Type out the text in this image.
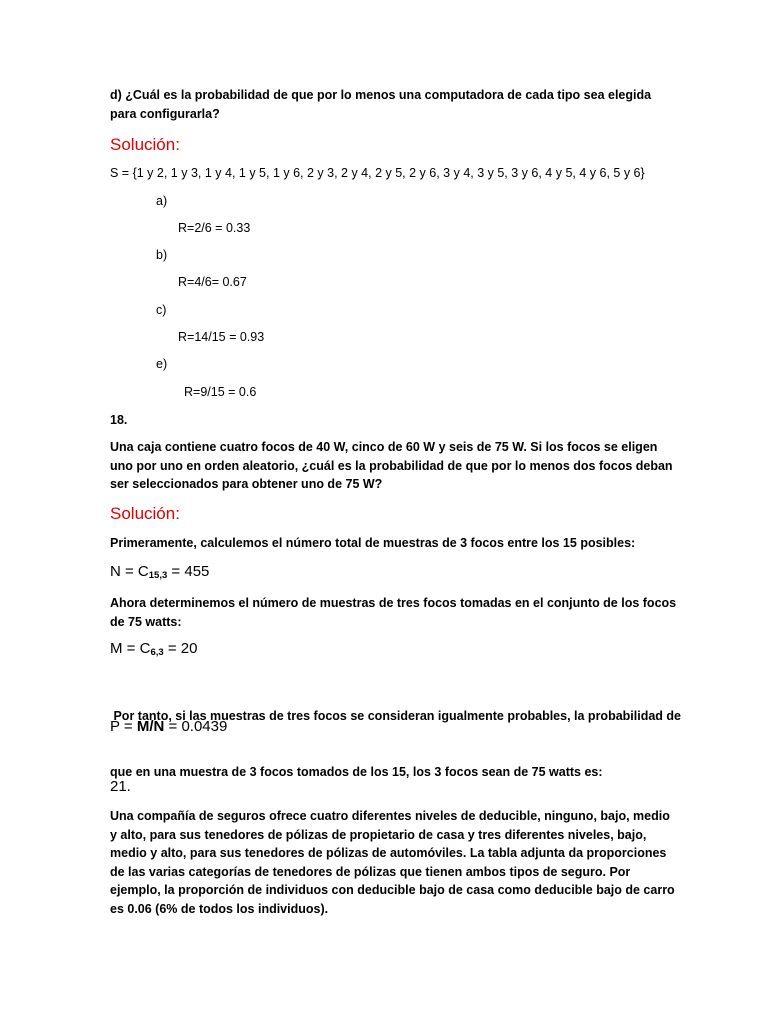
d) ¿Cuál es la probabilidad de que por lo menos una computadora de cada tipo sea elegida
para configurarla?
Solución:
S = {1 y 2, 1 y 3, 1 y 4, 1 y 5, 1 y 6, 2 y 3, 2 y 4, 2 y 5, 2 y 6, 3 y 4, 3 y 5, 3 y 6, 4 y 5, 4 y 6, 5 y 6}
a)
R=2/6 = 0.33
b)
R=4/6= 0.67
c)
R=14/15 = 0.93
e)
R=9/15 = 0.6
18.
Una caja contiene cuatro focos de 40 W, cinco de 60 W y seis de 75 W. Si los focos se eligen
uno por uno en orden aleatorio, ¿cuál es la probabilidad de que por lo menos dos focos deban
ser seleccionados para obtener uno de 75 W?
Solución:
Primeramente, calculemos el número total de muestras de 3 focos entre los 15 posibles:
$N = C_{15,3} = 455$
Ahora determinemos el número de muestras de tres focos tomadas en el conjunto de los focos
de 75 watts:
$M = C_{6,3} = 20$

Por tanto, si las muestras de tres focos se consideran igualmente probables, la probabilidad de

que en una muestra de 3 focos tomados de los 15, los 3 focos sean de 75 watts es:

P = M/N = 0.0439
21.
Una compañía de seguros ofrece cuatro diferentes niveles de deducible, ninguno, bajo, medio
y alto, para sus tenedores de pólizas de propietario de casa y tres diferentes niveles, bajo,
medio y alto, para sus tenedores de pólizas de automóviles. La tabla adjunta da proporciones
de las varias categorías de tenedores de pólizas que tienen ambos tipos de seguro. Por
ejemplo, la proporción de individuos con deducible bajo de casa como deducible bajo de carro
es 0.06 (6% de todos los individuos).
